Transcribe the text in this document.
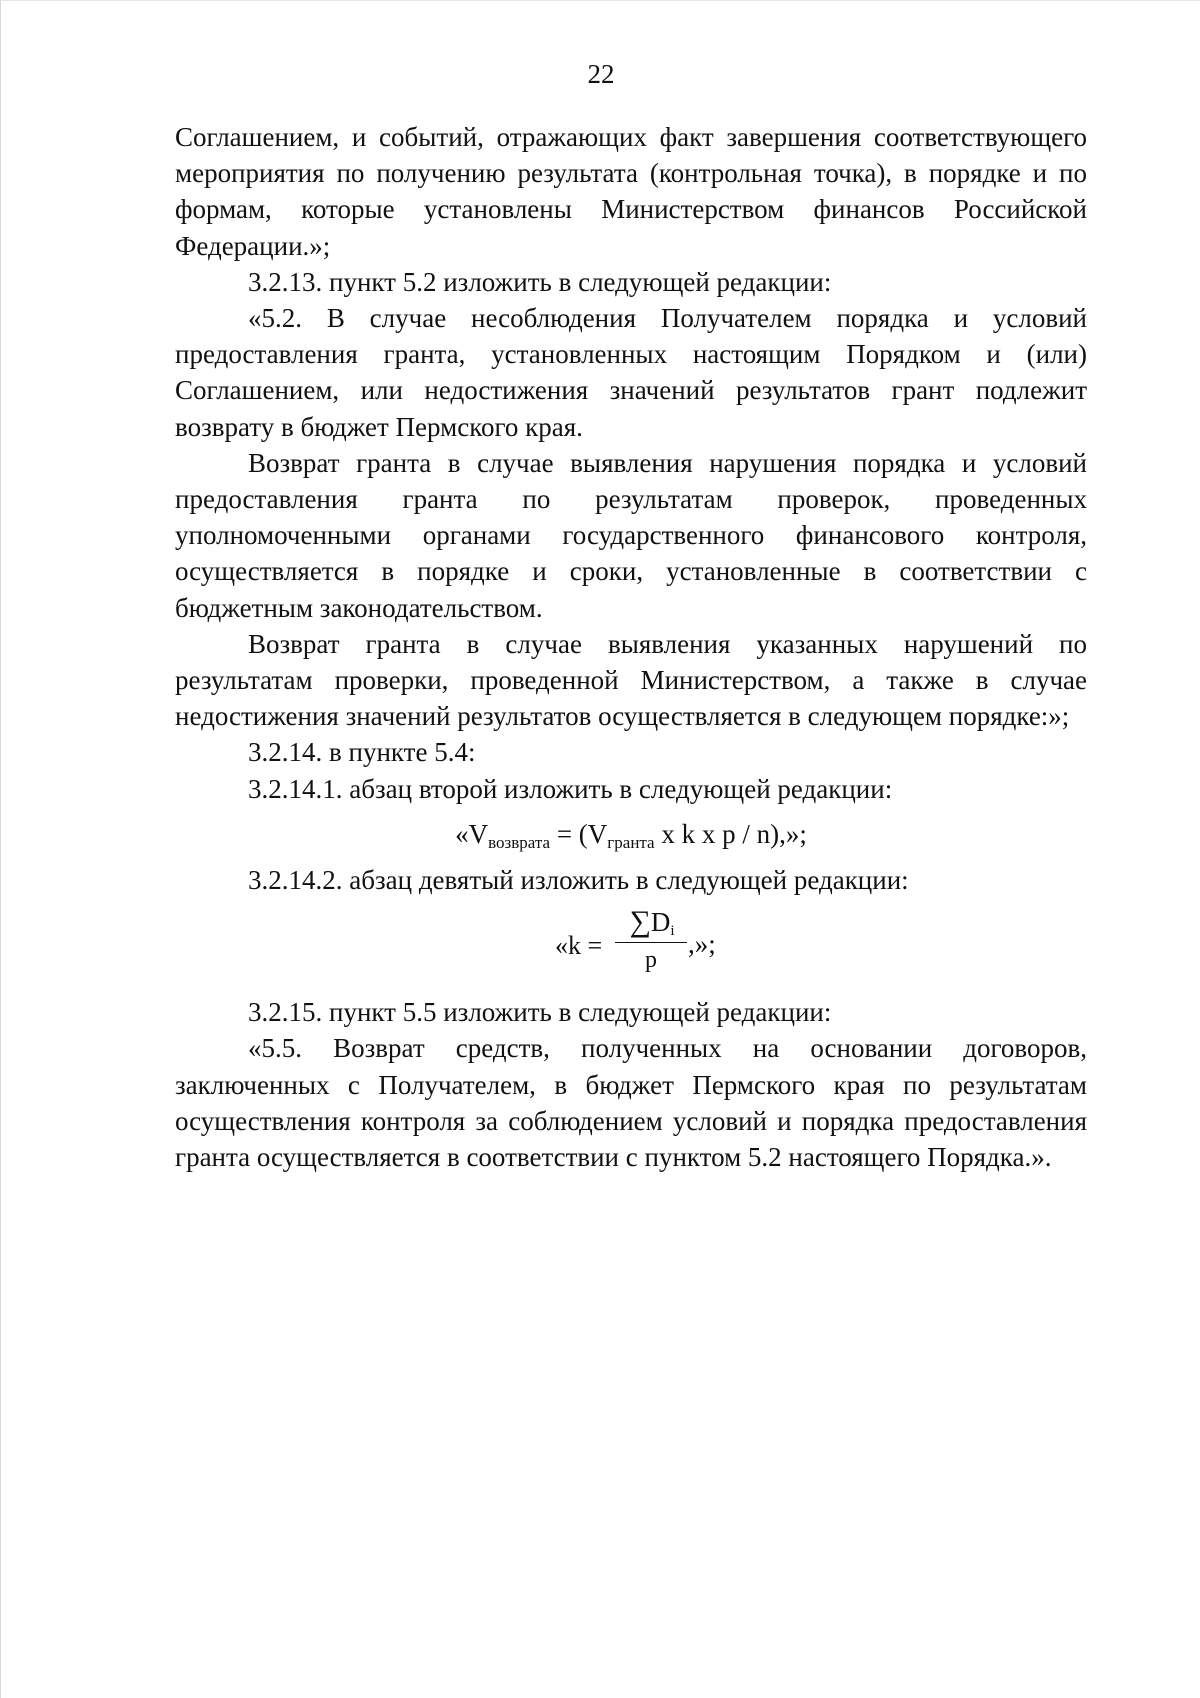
22

Соглашением, и событий, отражающих факт завершения соответствующего мероприятия по получению результата (контрольная точка), в порядке и по формам, которые установлены Министерством финансов Российской Федерации.»;

3.2.13. пункт 5.2 изложить в следующей редакции:

«5.2. В случае несоблюдения Получателем порядка и условий предоставления гранта, установленных настоящим Порядком и (или) Соглашением, или недостижения значений результатов грант подлежит возврату в бюджет Пермского края.

Возврат гранта в случае выявления нарушения порядка и условий предоставления гранта по результатам проверок, проведенных уполномоченными органами государственного финансового контроля, осуществляется в порядке и сроки, установленные в соответствии с бюджетным законодательством.

Возврат гранта в случае выявления указанных нарушений по результатам проверки, проведенной Министерством, а также в случае недостижения значений результатов осуществляется в следующем порядке:»;

3.2.14. в пункте 5.4:

3.2.14.1. абзац второй изложить в следующей редакции:

«$V_{возврата} = (V_{гранта}$ x k x p / n),»;

3.2.14.2. абзац девятый изложить в следующей редакции:

«k =
$\sum D_i$
p
,»;

3.2.15. пункт 5.5 изложить в следующей редакции:

«5.5. Возврат средств, полученных на основании договоров, заключенных с Получателем, в бюджет Пермского края по результатам осуществления контроля за соблюдением условий и порядка предоставления гранта осуществляется в соответствии с пунктом 5.2 настоящего Порядка.».
